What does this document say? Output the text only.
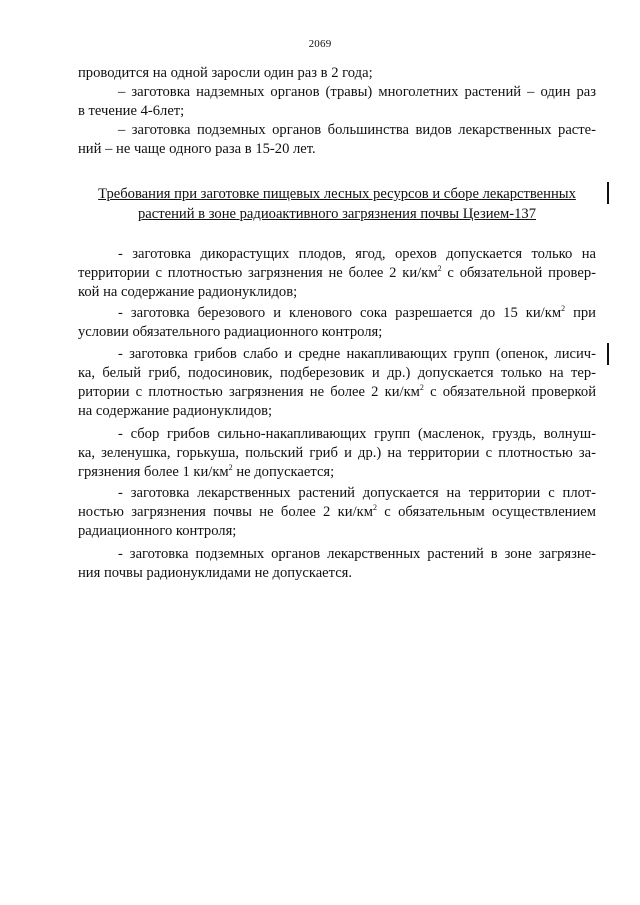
2069
проводится на одной заросли один раз в 2 года;
– заготовка надземных органов (травы) многолетних растений – один раз
в течение 4-6лет;
– заготовка подземных органов большинства видов лекарственных расте-
ний – не чаще одного раза в 15-20 лет.
Требования при заготовке пищевых лесных ресурсов и сборе лекарственных
растений в зоне радиоактивного загрязнения почвы Цезием-137
- заготовка дикорастущих плодов, ягод, орехов допускается только на
территории с плотностью загрязнения не более 2 $ки/км^2$ с обязательной провер-
кой на содержание радионуклидов;
- заготовка березового и кленового сока разрешается до 15 $ки/км^2$ при
условии обязательного радиационного контроля;
- заготовка грибов слабо и средне накапливающих групп (опенок, лисич-
ка, белый гриб, подосиновик, подберезовик и др.) допускается только на тер-
ритории с плотностью загрязнения не более 2 $ки/км^2$ с обязательной проверкой
на содержание радионуклидов;
- сбор грибов сильно-накапливающих групп (масленок, груздь, волнуш-
ка, зеленушка, горькуша, польский гриб и др.) на территории с плотностью за-
грязнения более 1 $ки/км^2$ не допускается;
- заготовка лекарственных растений допускается на территории с плот-
ностью загрязнения почвы не более 2 $ки/км^2$ с обязательным осуществлением
радиационного контроля;
- заготовка подземных органов лекарственных растений в зоне загрязне-
ния почвы радионуклидами не допускается.
